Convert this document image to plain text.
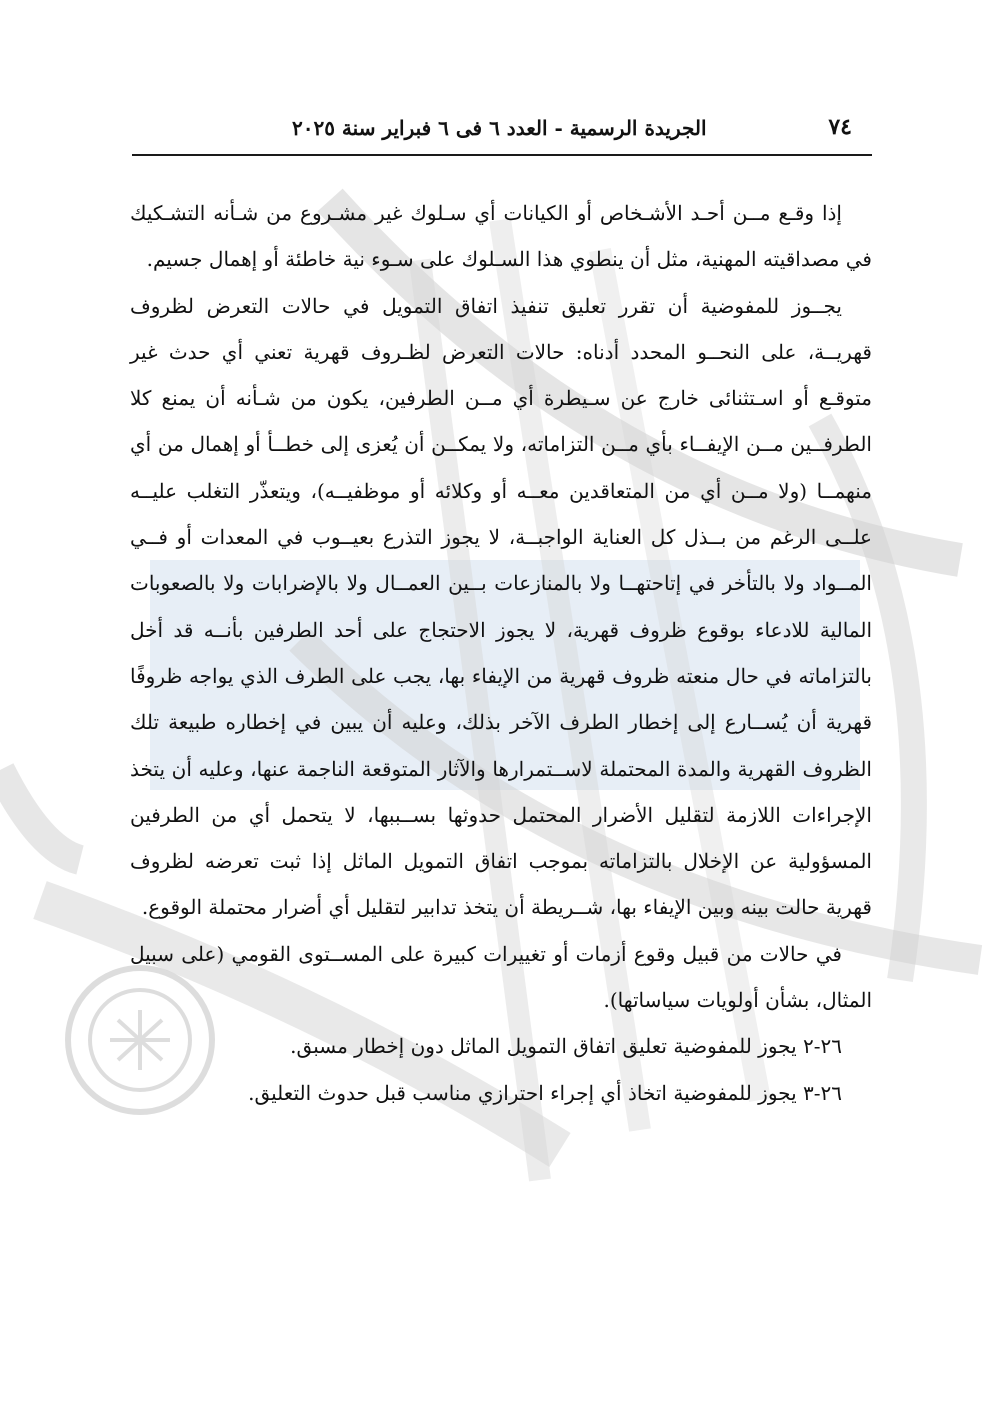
٧٤
الجريدة الرسمية - العدد ٦ فى ٦ فبراير سنة ٢٠٢٥

إذا وقـع مــن أحـد الأشـخاص أو الكيانات أي سـلوك غير مشـروع من شـأنه التشـكيك في مصداقيته المهنية، مثل أن ينطوي هذا السـلوك على سـوء نية خاطئة أو إهمال جسيم.

يجــوز للمفوضية أن تقرر تعليق تنفيذ اتفاق التمويل في حالات التعرض لظروف قهريــة، على النحــو المحدد أدناه: حالات التعرض لظـروف قهرية تعني أي حدث غير متوقـع أو اسـتثنائى خارج عن سـيطرة أي مــن الطرفين، يكون من شـأنه أن يمنع كلا الطرفــين مــن الإيفــاء بأي مــن التزاماته، ولا يمكــن أن يُعزى إلى خطــأ أو إهمال من أي منهمــا (ولا مــن أي من المتعاقدين معــه أو وكلائه أو موظفيــه)، ويتعذّر التغلب عليــه علــى الرغم من بــذل كل العناية الواجبــة، لا يجوز التذرع بعيــوب في المعدات أو فــي المــواد ولا بالتأخر في إتاحتهــا ولا بالمنازعات بــين العمــال ولا بالإضرابات ولا بالصعوبات المالية للادعاء بوقوع ظروف قهرية، لا يجوز الاحتجاج على أحد الطرفين بأنــه قد أخل بالتزاماته في حال منعته ظروف قهرية من الإيفاء بها، يجب على الطرف الذي يواجه ظروفًا قهرية أن يُســارع إلى إخطار الطرف الآخر بذلك، وعليه أن يبين في إخطاره طبيعة تلك الظروف القهرية والمدة المحتملة لاســتمرارها والآثار المتوقعة الناجمة عنها، وعليه أن يتخذ الإجراءات اللازمة لتقليل الأضرار المحتمل حدوثها بســببها، لا يتحمل أي من الطرفين المسؤولية عن الإخلال بالتزاماته بموجب اتفاق التمويل الماثل إذا ثبت تعرضه لظروف قهرية حالت بينه وبين الإيفاء بها، شــريطة أن يتخذ تدابير لتقليل أي أضرار محتملة الوقوع.

في حالات من قبيل وقوع أزمات أو تغييرات كبيرة على المســتوى القومي (على سبيل المثال، بشأن أولويات سياساتها).

٢٦-٢ يجوز للمفوضية تعليق اتفاق التمويل الماثل دون إخطار مسبق.

٢٦-٣ يجوز للمفوضية اتخاذ أي إجراء احترازي مناسب قبل حدوث التعليق.
